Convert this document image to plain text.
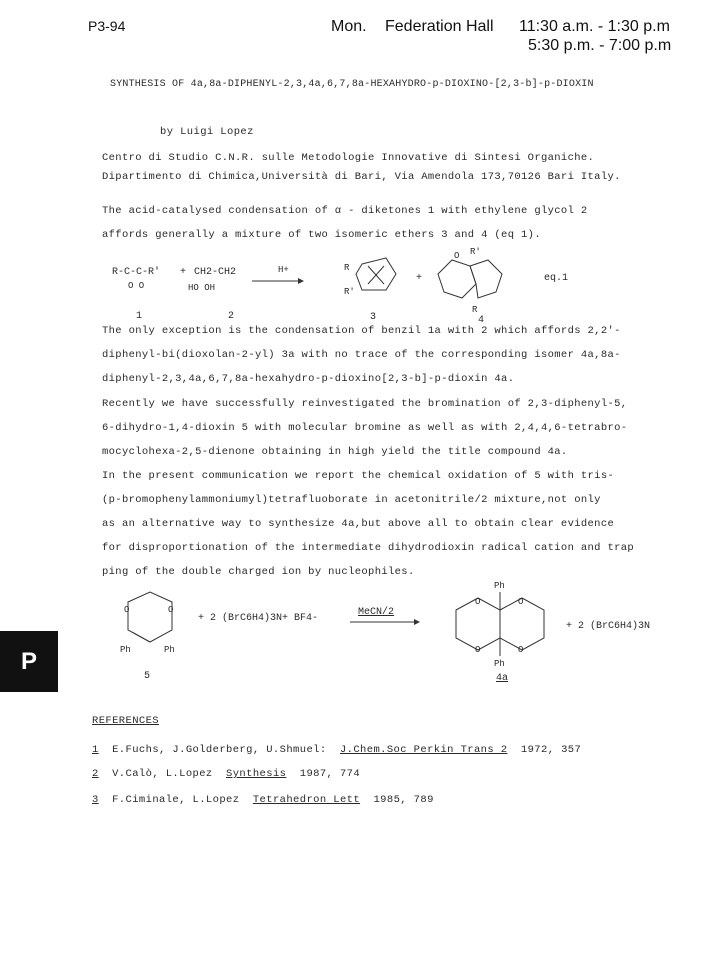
P3-94	Mon. Federation Hall 11:30 a.m. - 1:30 p.m
5:30 p.m. - 7:00 p.m
SYNTHESIS OF 4a,8a-DIPHENYL-2,3,4a,6,7,8a-HEXAHYDRO-p-DIOXINO-[2,3-b]-p-DIOXIN
by Luigi Lopez
Centro di Studio C.N.R. sulle Metodologie Innovative di Sintesi Organiche.
Dipartimento di Chimica,Università di Bari, Via Amendola 173,70126 Bari Italy.
The acid-catalysed condensation of α - diketones 1 with ethylene glycol 2
affords generally a mixture of two isomeric ethers 3 and 4 (eq 1).
R-C-C-R'
O O
+ CH2-CH2
HO OH
H+	R
R'
3
+
O R'
R
4
eq.1
1	2
The only exception is the condensation of benzil 1a with 2 which affords 2,2'-
diphenyl-bi(dioxolan-2-yl) 3a with no trace of the corresponding isomer 4a,8a-
diphenyl-2,3,4a,6,7,8a-hexahydro-p-dioxino[2,3-b]-p-dioxin 4a.
Recently we have successfully reinvestigated the bromination of 2,3-diphenyl-5,
6-dihydro-1,4-dioxin 5 with molecular bromine as well as with 2,4,4,6-tetrabro-
mocyclohexa-2,5-dienone obtaining in high yield the title compound 4a.
In the present communication we report the chemical oxidation of 5 with tris-
(p-bromophenylammoniumyl)tetrafluoborate in acetonitrile/2 mixture,not only
as an alternative way to synthesize 4a,but above all to obtain clear evidence
for disproportionation of the intermediate dihydrodioxin radical cation and trap
ping of the double charged ion by nucleophiles.
O	O
Ph	Ph
5
+ 2 (BrC6H4)3N+ BF4-
MeCN/2
Ph
Ph
O	O
O	O
4a
+ 2 (BrC6H4)3N
P
REFERENCES
1 E.Fuchs, J.Golderberg, U.Shmuel: J.Chem.Soc Perkin Trans 2 1972, 357
2 V.Calò, L.Lopez Synthesis 1987, 774
3 F.Ciminale, L.Lopez Tetrahedron Lett 1985, 789
